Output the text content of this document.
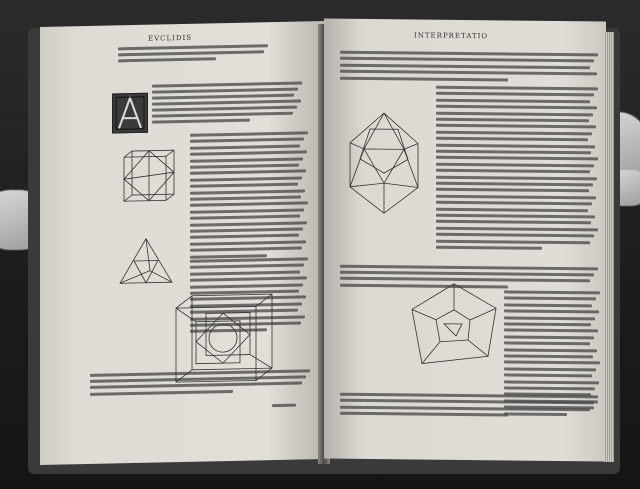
EVCLIDIS	INTERPRETATIO
